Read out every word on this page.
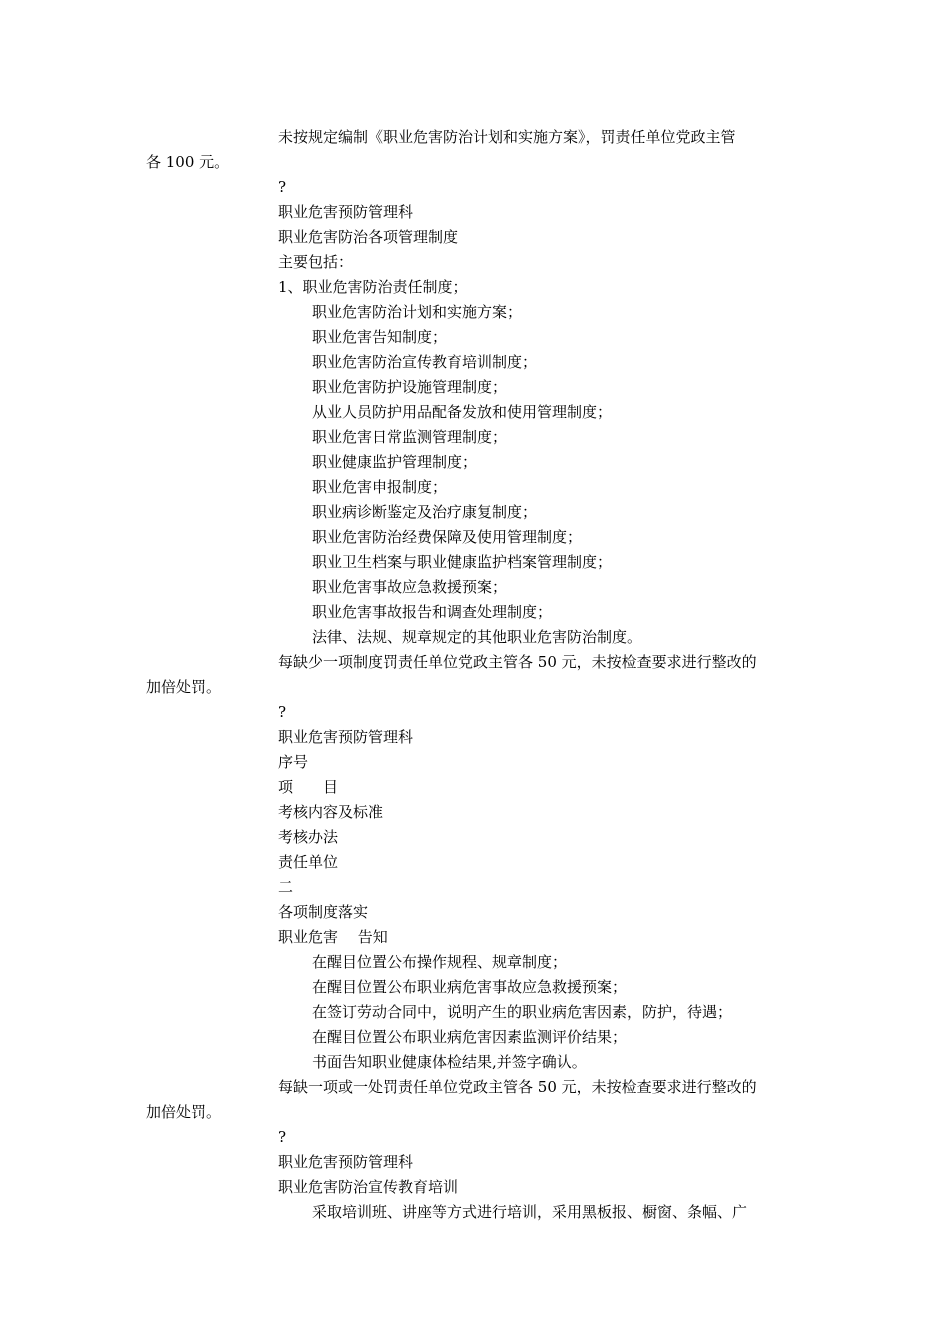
未按规定编制《职业危害防治计划和实施方案》，罚责任单位党政主管
各 100 元。
?
职业危害预防管理科
职业危害防治各项管理制度
主要包括：
1、职业危害防治责任制度；
职业危害防治计划和实施方案；
职业危害告知制度；
职业危害防治宣传教育培训制度；
职业危害防护设施管理制度；
从业人员防护用品配备发放和使用管理制度；
职业危害日常监测管理制度；
职业健康监护管理制度；
职业危害申报制度；
职业病诊断鉴定及治疗康复制度；
职业危害防治经费保障及使用管理制度；
职业卫生档案与职业健康监护档案管理制度；
职业危害事故应急救援预案；
职业危害事故报告和调查处理制度；
法律、法规、规章规定的其他职业危害防治制度。
每缺少一项制度罚责任单位党政主管各 50 元，未按检查要求进行整改的
加倍处罚。
?
职业危害预防管理科
序号
项　　目
考核内容及标准
考核办法
责任单位
二
各项制度落实
职业危害　 告知
在醒目位置公布操作规程、规章制度；
在醒目位置公布职业病危害事故应急救援预案；
在签订劳动合同中，说明产生的职业病危害因素，防护，待遇；
在醒目位置公布职业病危害因素监测评价结果；
书面告知职业健康体检结果,并签字确认。
每缺一项或一处罚责任单位党政主管各 50 元，未按检查要求进行整改的
加倍处罚。
?
职业危害预防管理科
职业危害防治宣传教育培训
采取培训班、讲座等方式进行培训，采用黑板报、橱窗、条幅、广
